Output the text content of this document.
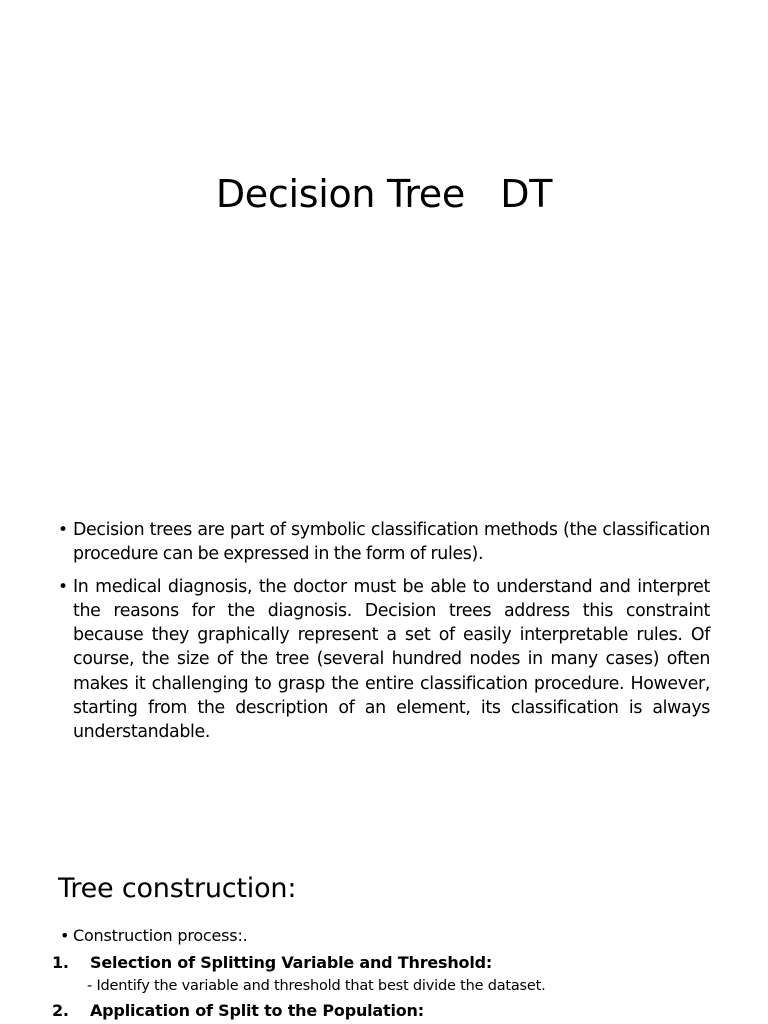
Decision Tree   DT
• Decision trees are part of symbolic classification methods (the classification procedure can be expressed in the form of rules).
• In medical diagnosis, the doctor must be able to understand and interpret the reasons for the diagnosis. Decision trees address this constraint because they graphically represent a set of easily interpretable rules. Of course, the size of the tree (several hundred nodes in many cases) often makes it challenging to grasp the entire classification procedure. However, starting from the description of an element, its classification is always understandable.
Tree construction:
• Construction process:.
1. Selection of Splitting Variable and Threshold:
- Identify the variable and threshold that best divide the dataset.
2. Application of Split to the Population:
